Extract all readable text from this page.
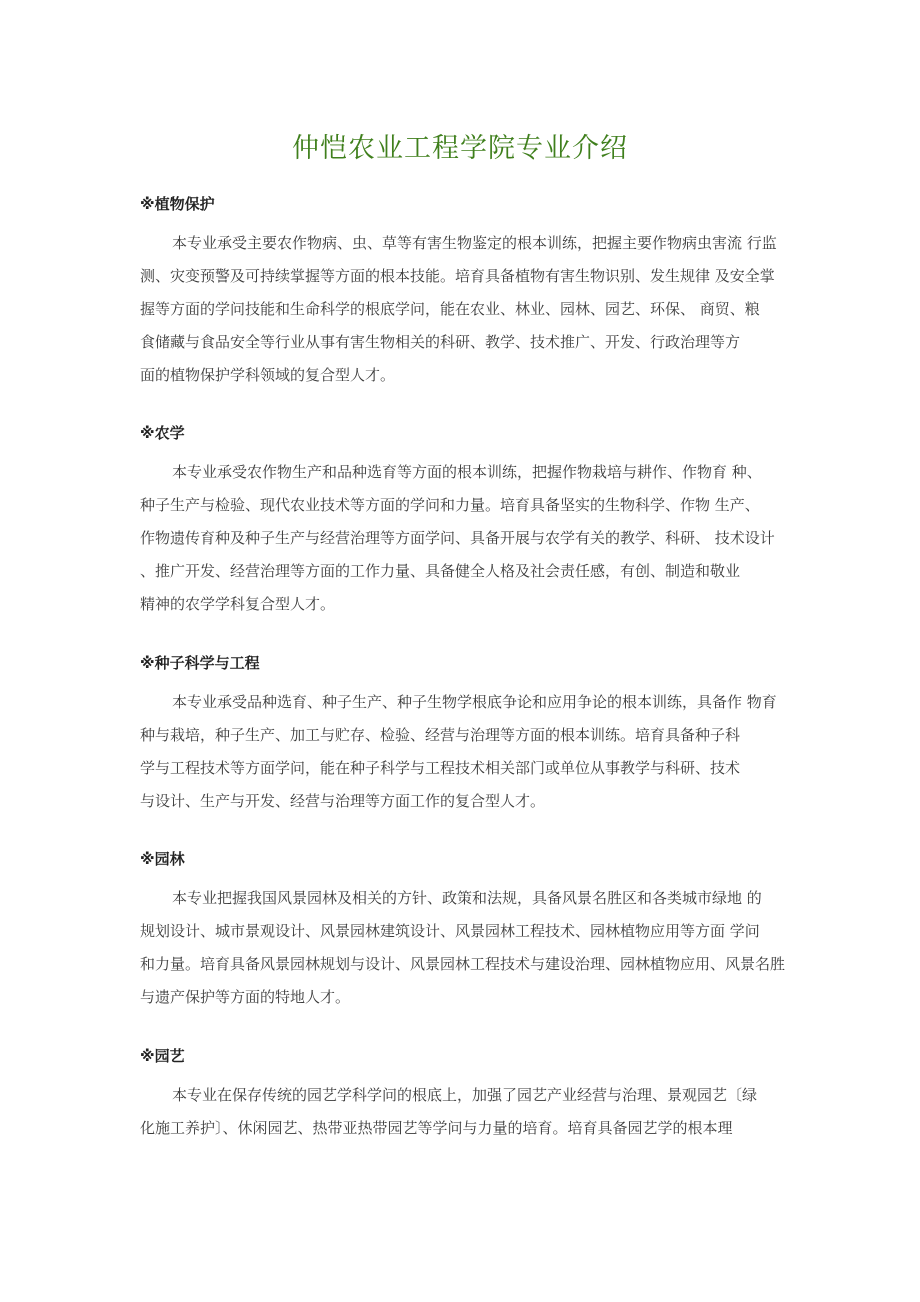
仲恺农业工程学院专业介绍
※植物保护
本专业承受主要农作物病、虫、草等有害生物鉴定的根本训练，把握主要作物病虫害流 行监
测、灾变预警及可持续掌握等方面的根本技能。培育具备植物有害生物识别、发生规律 及安全掌
握等方面的学问技能和生命科学的根底学问，能在农业、林业、园林、园艺、环保、 商贸、粮
食储藏与食品安全等行业从事有害生物相关的科研、教学、技术推广、开发、行政治理等方
面的植物保护学科领域的复合型人才。
※农学
本专业承受农作物生产和品种选育等方面的根本训练，把握作物栽培与耕作、作物育 种、
种子生产与检验、现代农业技术等方面的学问和力量。培育具备坚实的生物科学、作物 生产、
作物遗传育种及种子生产与经营治理等方面学问、具备开展与农学有关的教学、科研、 技术设计
、推广开发、经营治理等方面的工作力量、具备健全人格及社会责任感，有创、制造和敬业
精神的农学学科复合型人才。
※种子科学与工程
本专业承受品种选育、种子生产、种子生物学根底争论和应用争论的根本训练，具备作 物育
种与栽培，种子生产、加工与贮存、检验、经营与治理等方面的根本训练。培育具备种子科
学与工程技术等方面学问，能在种子科学与工程技术相关部门或单位从事教学与科研、技术
与设计、生产与开发、经营与治理等方面工作的复合型人才。
※园林
本专业把握我国风景园林及相关的方针、政策和法规，具备风景名胜区和各类城市绿地 的
规划设计、城市景观设计、风景园林建筑设计、风景园林工程技术、园林植物应用等方面 学问
和力量。培育具备风景园林规划与设计、风景园林工程技术与建设治理、园林植物应用、风景名胜
与遗产保护等方面的特地人才。
※园艺
本专业在保存传统的园艺学科学问的根底上，加强了园艺产业经营与治理、景观园艺〔绿
化施工养护〕、休闲园艺、热带亚热带园艺等学问与力量的培育。培育具备园艺学的根本理
